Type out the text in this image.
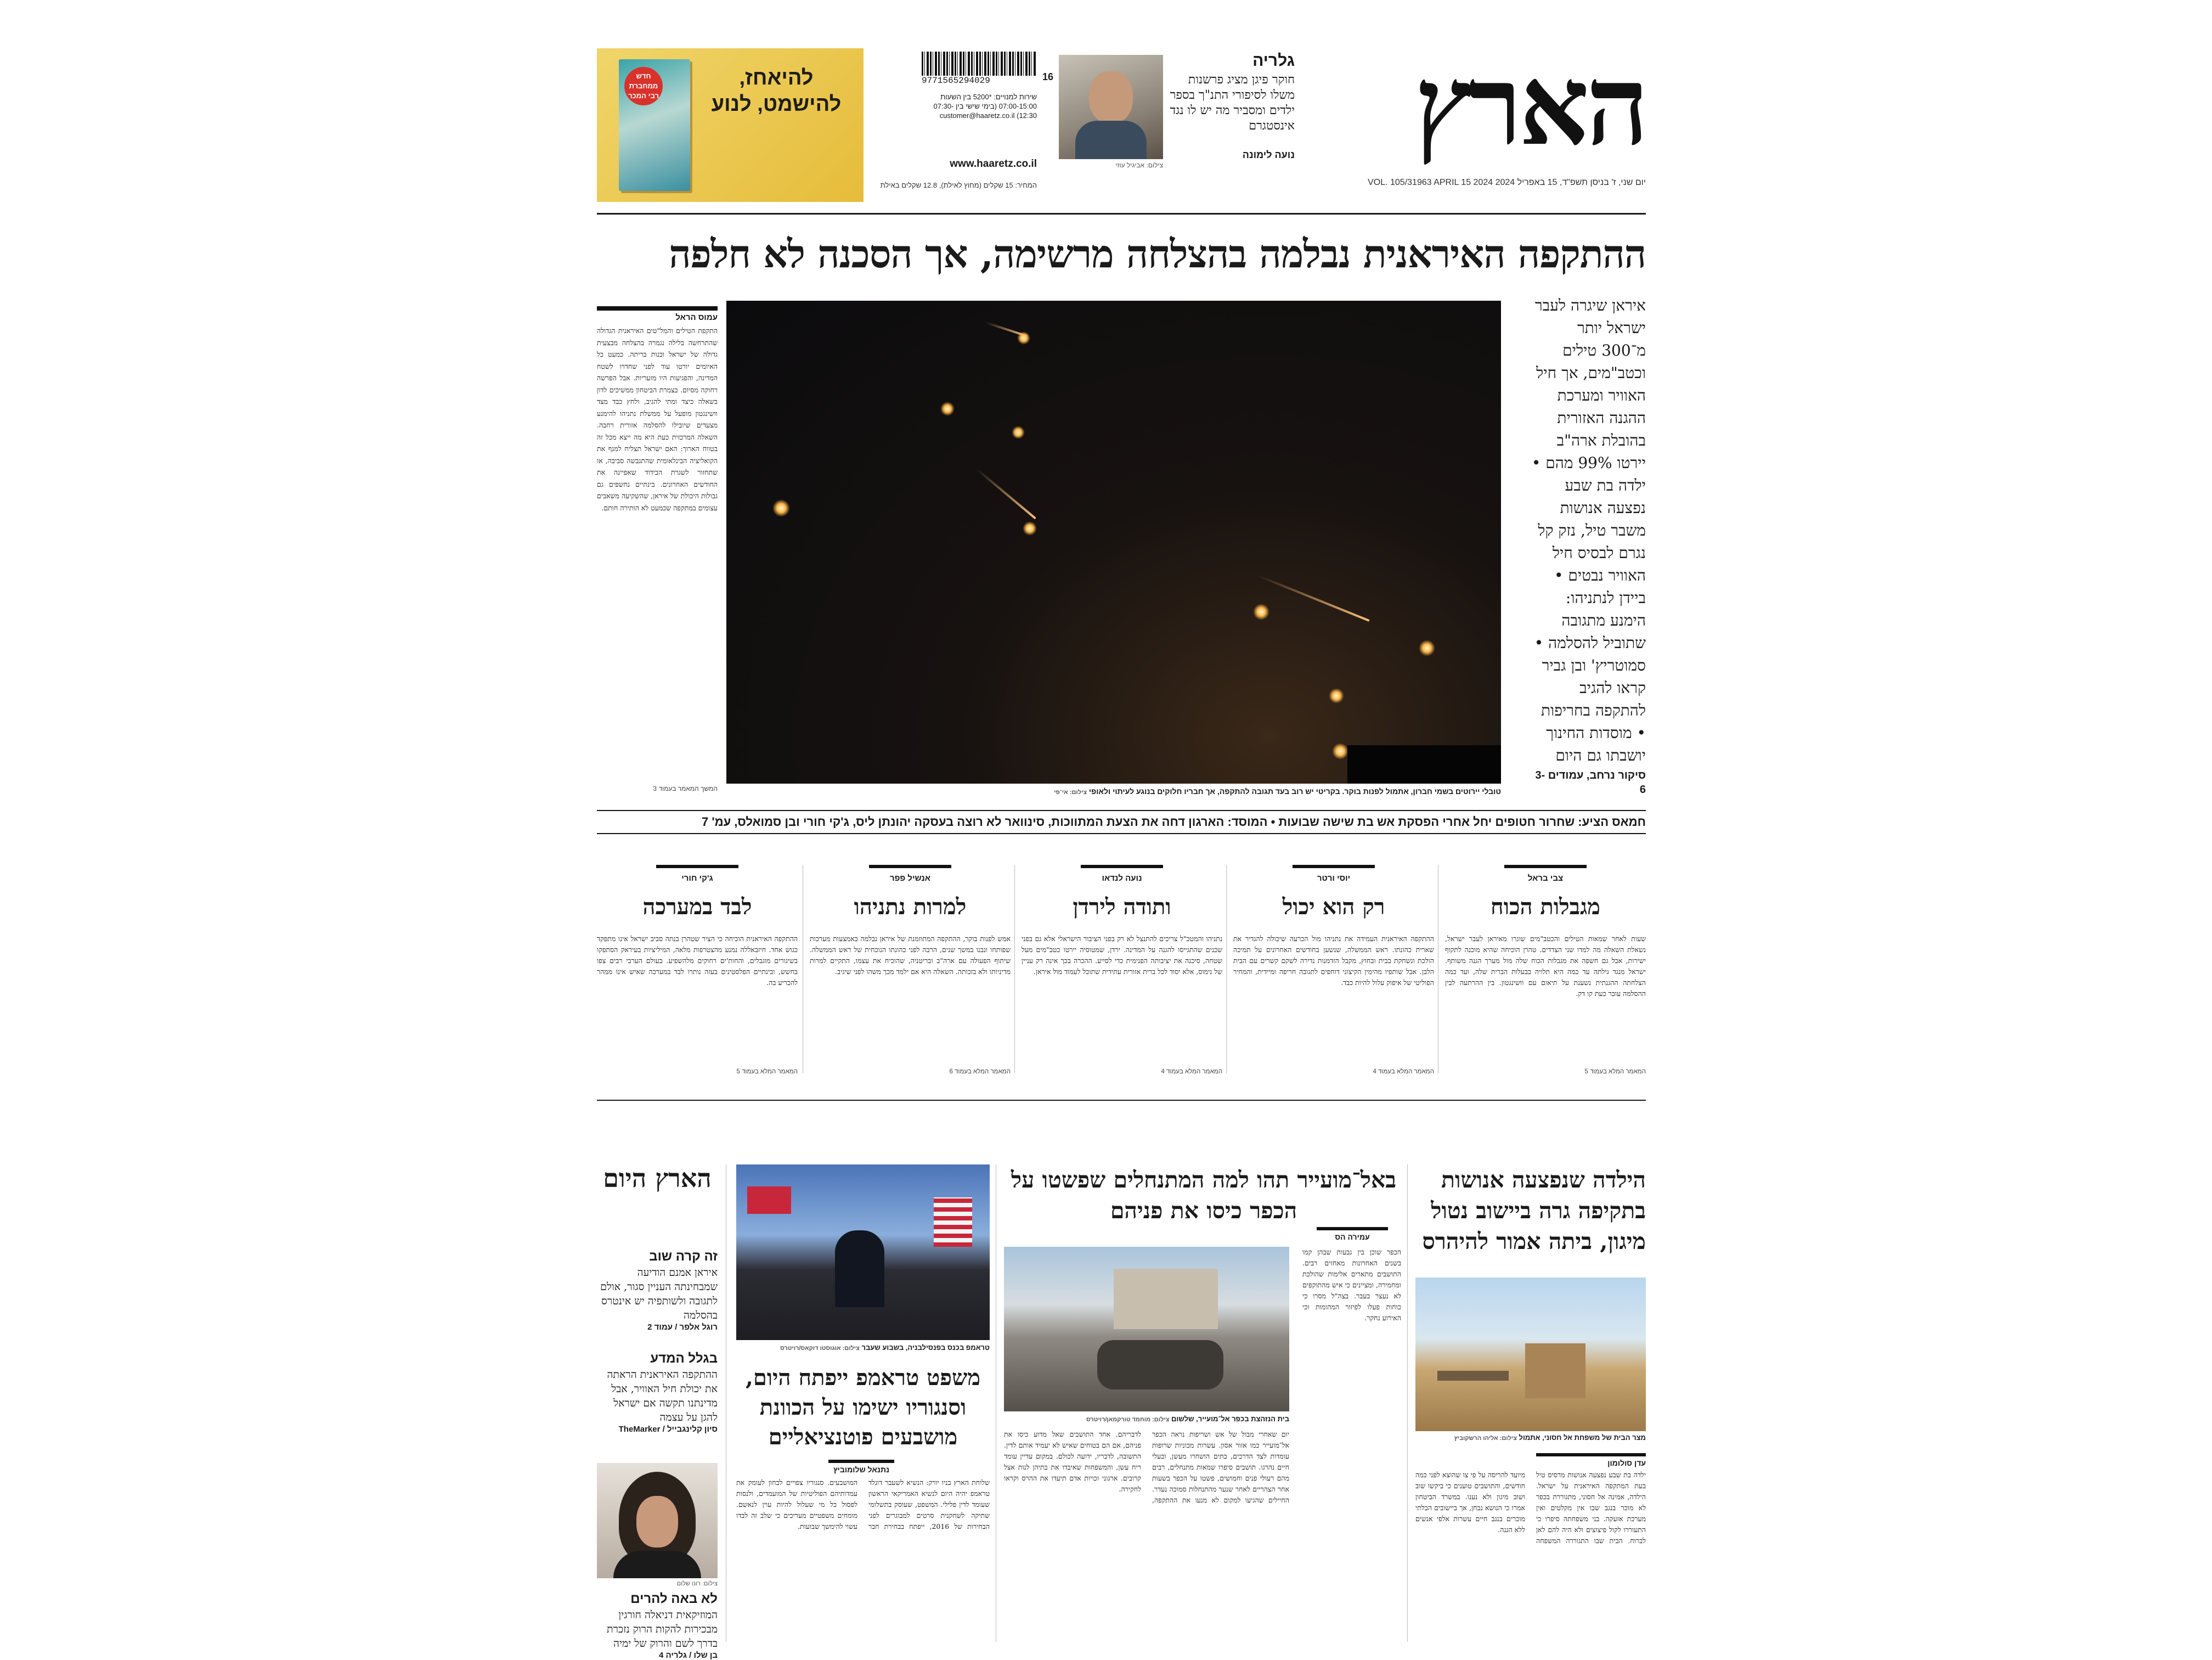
הארץ
יום שני, ז' בניסן תשפ"ד, 15 באפריל 2024 VOL. 105/31963 APRIL 15 2024
גלריה
חוקר פיגן מציג פרשנות משלו לסיפורי התנ"ך בספר ילדים ומסביר מה יש לו נגד אינסטגרם
נועה לימונה
צילום: אביגיל עוזי
9771565294029	16
שירות למנויים: *5200 בין השעות 07:00-15:00 (בימי שישי בין 07:30-12:30) customer@haaretz.co.il
www.haaretz.co.il
המחיר: 15 שקלים (מחוץ לאילת), 12.8 שקלים באילת
חדש ממחברת רבי המכר
להיאחז, להישמט, לנוע
ההתקפה האיראנית נבלמה בהצלחה מרשימה, אך הסכנה לא חלפה
איראן שיגרה לעבר ישראל יותר מ־300 טילים וכטב"מים, אך חיל האוויר ומערכת ההגנה האזורית בהובלת ארה"ב יירטו 99% מהם • ילדה בת שבע נפצעה אנושות משבר טיל, נזק קל נגרם לבסיס חיל האוויר נבטים • ביידן לנתניהו: הימנע מתגובה שתוביל להסלמה • סמוטריץ' ובן גביר קראו להגיב להתקפה בחריפות • מוסדות החינוך יושבתו גם היום
סיקור נרחב, עמודים 3-6
טובלי יירוטים בשמי חברון, אתמול לפנות בוקר. בקריטי יש רוב בעד תגובה להתקפה, אך חבריו חלוקים בנוגע לעיתוי ולאופי צילום: אי־פי
עמוס הראל
התקפת הטילים והמל"טים האיראנית הגדולה שהתרחשה בלילה נגמרה בהצלחה מבצעית גדולה של ישראל ובנות בריתה. כמעט כל האיומים יורטו עוד לפני שחדרו לשטח המדינה, והפגיעות היו מזעריות. אבל הפרשה רחוקה מסיום. בצמרת הביטחון ממשיכים לדון בשאלה כיצד ומתי להגיב, ולחץ כבד מצד וושינגטון מופעל על ממשלת נתניהו להימנע מצעדים שיובילו להסלמה אזורית רחבה. השאלה המרכזית כעת היא מה ייצא מכל זה בטווח הארוך: האם ישראל תצליח למנף את הקואליציה הבינלאומית שהתגבשה סביבה, או שתחזור לשגרת הבידוד שאפיינה את החודשים האחרונים. בינתיים נחשפים גם גבולות היכולת של איראן, שהשקיעה משאבים עצומים במתקפה שכמעט לא הותירה חותם.
המשך המאמר בעמוד 3
חמאס הציע: שחרור חטופים יחל אחרי הפסקת אש בת שישה שבועות • המוסד: הארגון דחה את הצעת המתווכות, סינוואר לא רוצה בעסקה יהונתן ליס, ג'קי חורי ובן סמואלס, עמ' 7
צבי בראל
מגבלות הכוח
שעות לאחר שמאות הטילים והכטב"מים שוגרו מאיראן לעבר ישראל, נשאלת השאלה מה למדו שני הצדדים. טהרן הוכיחה שהיא מוכנה לתקוף ישירות, אבל גם חשפה את מגבלות הכוח שלה מול מערך הגנה משותף. ישראל מנגד גילתה עד כמה היא תלויה בבעלות הברית שלה, ועד כמה הצלחתה ההגנתית נשענת על תיאום עם וושינגטון. בין ההרתעה לבין ההסלמה עובר כעת קו דק.
המאמר המלא בעמוד 5
יוסי ורטר
רק הוא יכול
ההתקפה האיראנית העמידה את נתניהו מול הכרעה שיכולה להגדיר את שארית כהונתו. ראש הממשלה, שנשען בחודשים האחרונים על תמיכה הולכת ונשחקת בבית ובחוץ, מקבל הזדמנות נדירה לשקם קשרים עם הבית הלבן. אבל שותפיו מהימין הקיצוני דוחפים לתגובה חריפה ומיידית, והמחיר הפוליטי של איפוק עלול להיות כבד.
המאמר המלא בעמוד 4
נועה לנדאו
ותודה לירדן
נתניהו והמטכ"ל צריכים להתנצל לא רק בפני הציבור הישראלי אלא גם בפני שכנים שהתגייסו להגנה על המדינה. ירדן, שמטוסיה יירטו כטב"מים מעל שטחה, סיכנה את יציבותה הפנימית כדי לסייע. ההכרה בכך אינה רק עניין של נימוס, אלא יסוד לכל ברית אזורית עתידית שתוכל לעמוד מול איראן.
המאמר המלא בעמוד 4
אנשיל פפר
למרות נתניהו
אמש לפנות בוקר, ההתקפה המתוזמנת של איראן נבלמה באמצעות מערכות שפותחו ונבנו במשך שנים, הרבה לפני כהונתו הנוכחית של ראש הממשלה. שיתוף הפעולה עם ארה"ב ובריטניה, שהוכיח את עצמו, התקיים למרות מדיניותו ולא בזכותה. השאלה היא אם ילמד מכך משהו לפני שיגיב.
המאמר המלא בעמוד 6
ג'קי חורי
לבד במערכה
ההתקפה האיראנית הוכיחה כי הציר שטהרן בנתה סביב ישראל אינו מתפקד כגוש אחד. חיזבאללה נמנע מהצטרפות מלאה, המיליציות בעיראק הסתפקו בשיגורים מוגבלים, והחות'ים רחוקים מלהשפיע. בעולם הערבי רבים צפו בחשש, ובינתיים הפלסטינים בעזה נותרו לבד במערכה שאיש אינו ממהר להכריע בה.
המאמר המלא בעמוד 5
הילדה שנפצעה אנושות בתקיפה גרה ביישוב נטול מיגון, ביתה אמור להיהרס
מצר הבית של משפחת אל חסוני, אתמול צילום: אליהו הרשקוביץ
עדן סולומון
ילדה בת שבע נפצעה אנושות מרסיס טיל בעת המתקפה האיראנית על ישראל. הילדה, אמינה אל חסוני, מתגוררת בכפר לא מוכר בנגב שבו אין מקלטים ואין מערכת אזעקה. בני משפחתה סיפרו כי התעוררו לקול פיצוצים ולא היה להם לאן לברוח. הבית שבו התגוררה המשפחה מיועד להריסה על פי צו שהוצא לפני כמה חודשים, והתושבים טוענים כי ביקשו שוב ושוב מיגון ולא נענו. במשרד הביטחון אמרו כי הנושא נבחן, אך ביישובים הבלתי מוכרים בנגב חיים עשרות אלפי אנשים ללא הגנה.
באל־מועייר תהו למה המתנחלים שפשטו על הכפר כיסו את פניהם
עמירה הס
הכפר שוכן בין גבעות שבהן קמו בשנים האחרונות מאחזים רבים. התושבים מתארים אלימות שהולכת ומחמירה, ומציינים כי איש מהתוקפים לא נעצר בעבר. בצה"ל מסרו כי כוחות פעלו לפיזור המהומות וכי האירוע נחקר.
בית הנזהצת בכפר אל־מועייר, שלשום צילום: מוחמד טורקמאן/רויטרס
יום שאחרי מבול של אש ושריפות נראה הכפר אל־מועייר כמו אזור אסון. עשרות מכוניות שרופות עומדות לצד הדרכים, בתים הושחרו מעשן, ובעלי חיים נהרגו. תושבים סיפרו שמאות מתנחלים, רבים מהם רעולי פנים וחמושים, פשטו על הכפר בשעות אחר הצהריים לאחר שנער מהתנחלות סמוכה נעדר. החיילים שהגיעו למקום לא מנעו את ההתקפה, לדבריהם. אחד התושבים שאל מדוע כיסו את פניהם, אם הם בטוחים שאיש לא יעמיד אותם לדין. התשובה, לדבריו, ידועה לכולם. במקום עדיין עומד ריח עשן, והמשפחות שאיבדו את בתיהן לנות אצל קרובים. ארגוני זכויות אדם תיעדו את ההרס וקראו לחקירה.
טראמפ בכנס בפנסילבניה, בשבוע שעבר צילום: אוגוסטו דוקאס/רויטרס
משפט טראמפ ייפתח היום, וסנגוריו ישימו על הכוונת מושבעים פוטנציאליים
נתנאל שלומוביץ
שלוחת הארץ בניו יורק: הנשיא לשעבר דונלד טראמפ יהיה היום לנשיא האמריקאי הראשון שעומד לדין פלילי. המשפט, שעוסק בתשלומי שתיקה לשחקנית סרטים למבוגרים לפני הבחירות של 2016, ייפתח בבחירת חבר המושבעים. סנגוריו צפויים לבחון לעומק את עמדותיהם הפוליטיות של המועמדים, ולנסות לפסול כל מי שעלול להיות עוין לנאשם. מומחים משפטיים מעריכים כי שלב זה לבדו עשוי להימשך שבועות.
הארץ היום
זה קרה שוב
איראן אמנם הודיעה שמבחינתה העניין סגור, אולם לתגובה ולשותפיה יש אינטרס בהסלמה
רוגל אלפר / עמוד 2
בגלל המדע
ההתקפה האיראנית הראתה את יכולת חיל האוויר, אבל מדינתנו תקשה אם ישראל להגן על עצמה
סיון קלינגבייל / TheMarker
צילום: רונו שלום
לא באה להרים
המוזיקאית דניאלה חורגין מבכירות להקות הרוק נזכרת בדרך לשם והרוק של ימיה
בן שלו / גלריה 4
